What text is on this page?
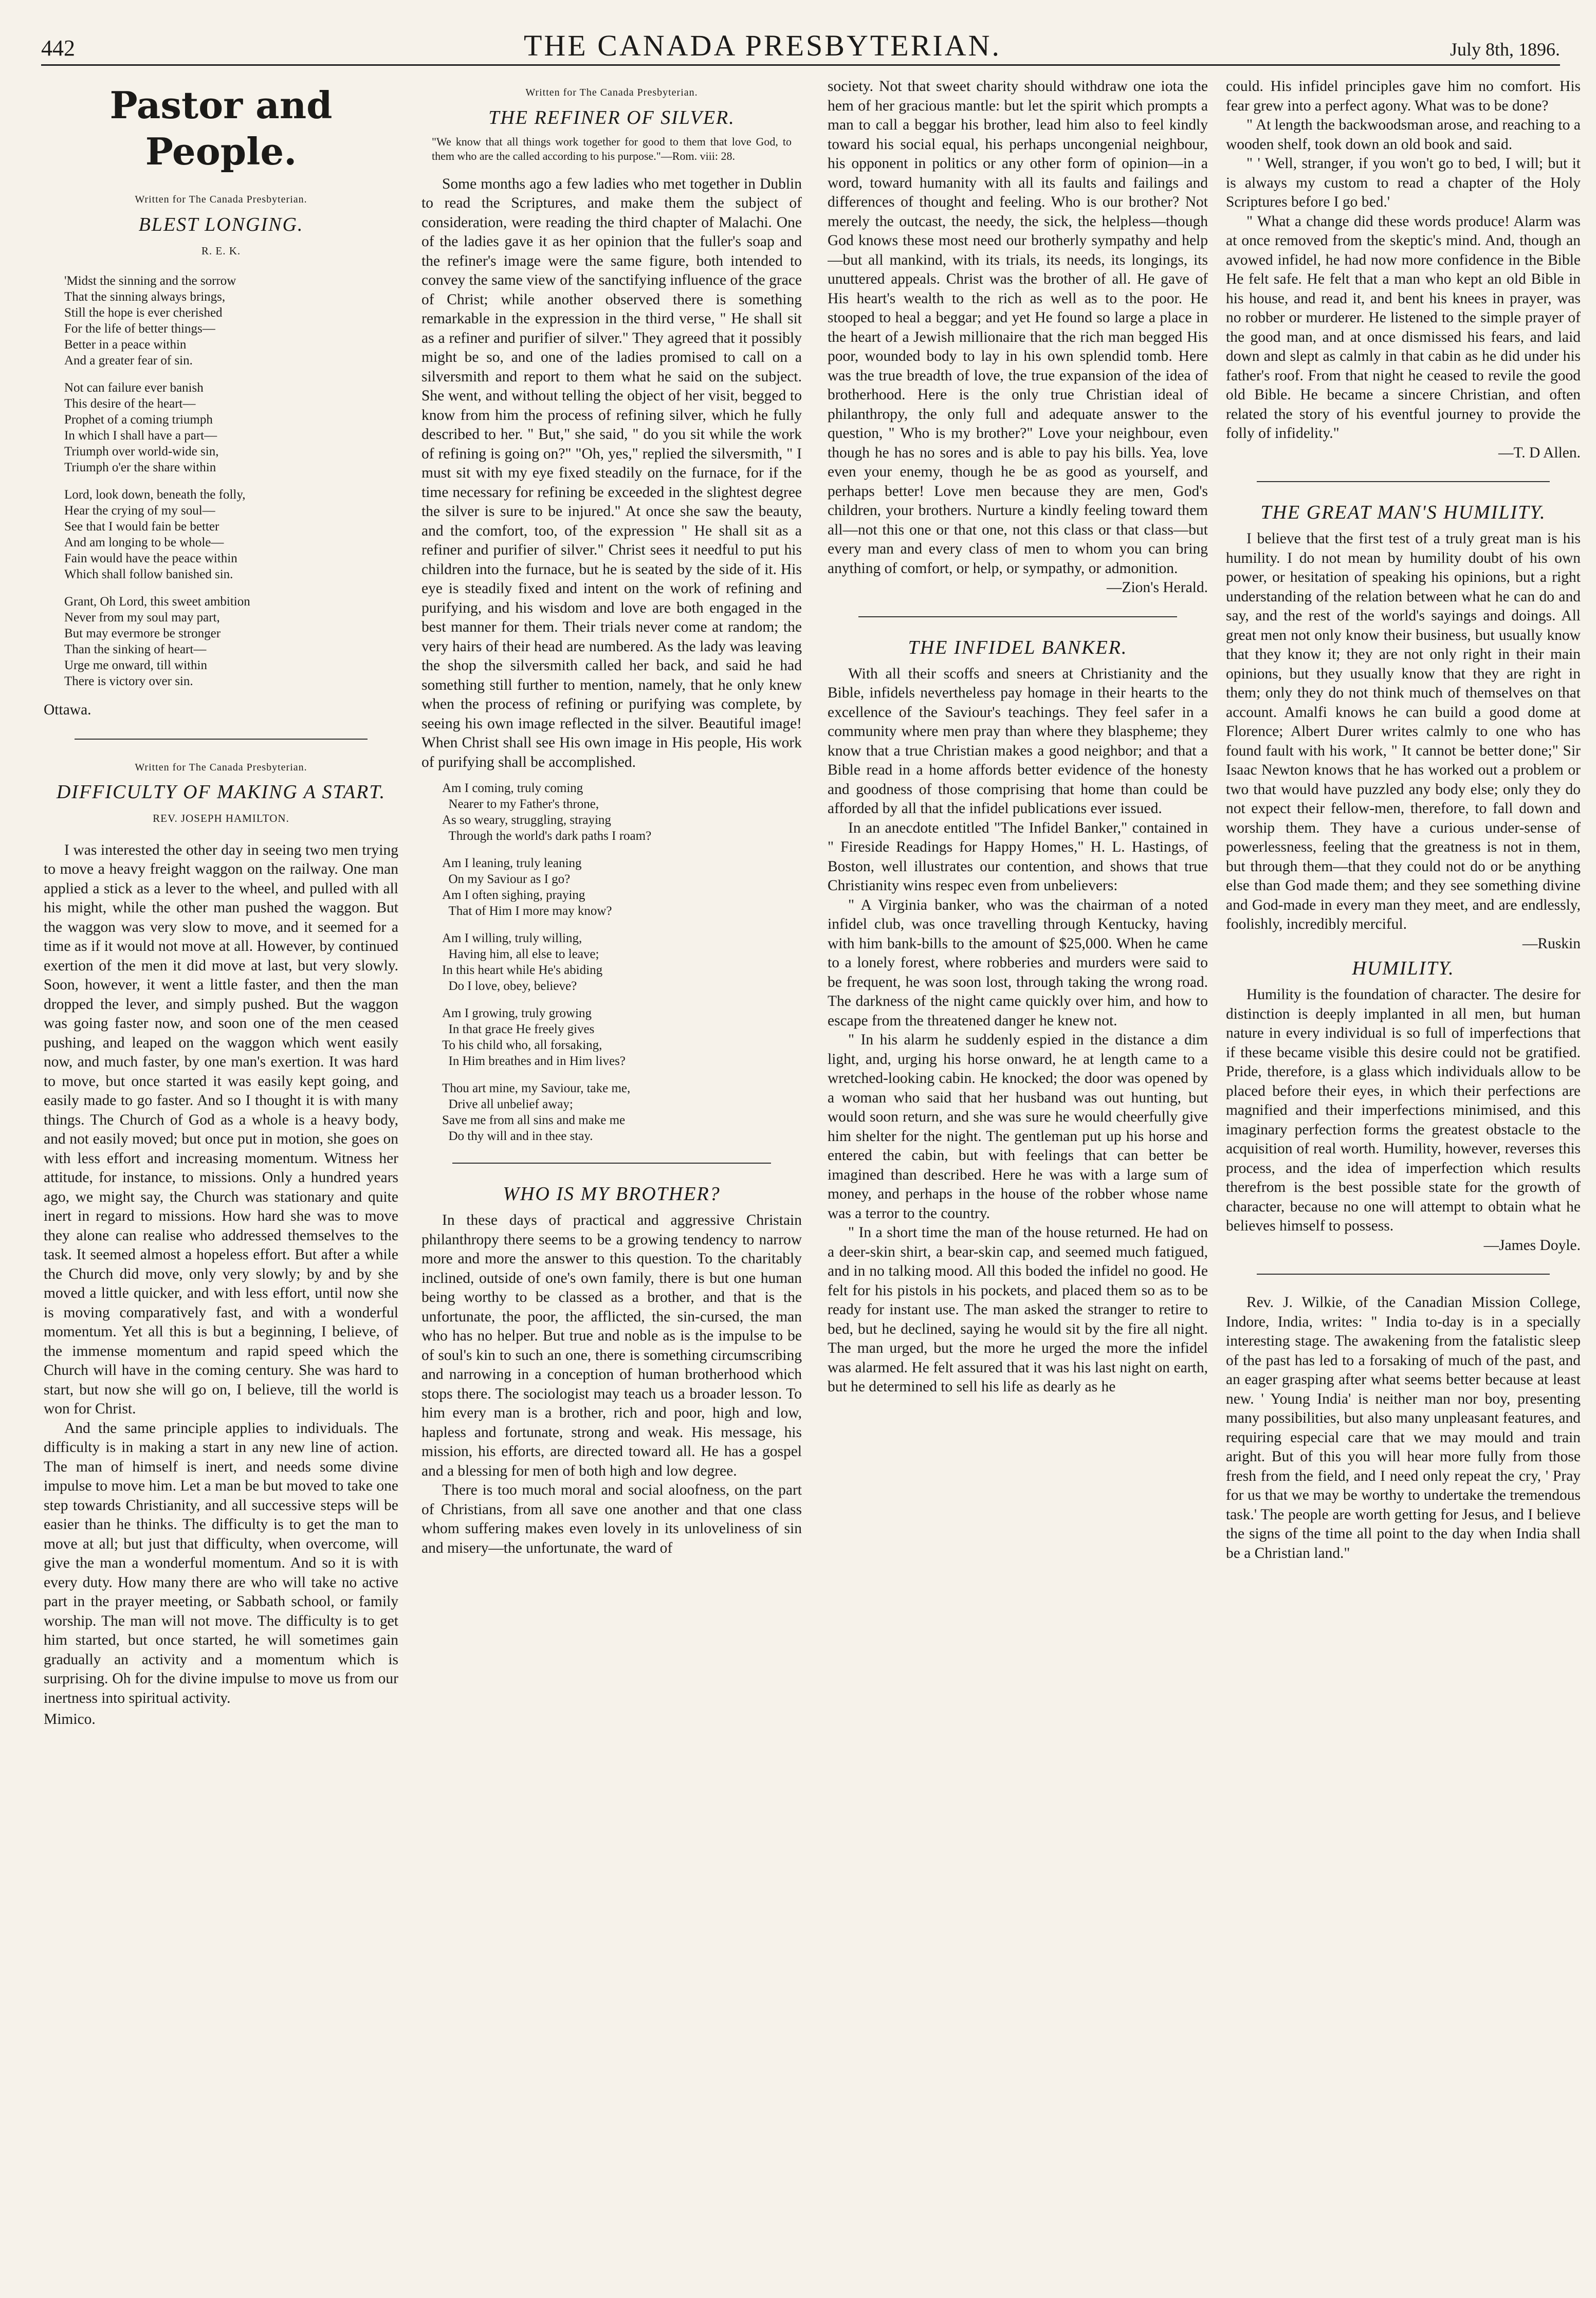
442	THE CANADA PRESBYTERIAN.	July 8th, 1896.
Pastor and People.
Written for The Canada Presbyterian.
BLEST LONGING.
R. E. K.

'Midst the sinning and the sorrow
That the sinning always brings,
Still the hope is ever cherished
For the life of better things—
Better in a peace within
And a greater fear of sin.

Not can failure ever banish
This desire of the heart—
Prophet of a coming triumph
In which I shall have a part—
Triumph over world-wide sin,
Triumph o'er the share within

Lord, look down, beneath the folly,
Hear the crying of my soul—
See that I would fain be better
And am longing to be whole—
Fain would have the peace within
Which shall follow banished sin.

Grant, Oh Lord, this sweet ambition
Never from my soul may part,
But may evermore be stronger
Than the sinking of heart—
Urge me onward, till within
There is victory over sin.

Ottawa.

Written for The Canada Presbyterian.
DIFFICULTY OF MAKING A START.
REV. JOSEPH HAMILTON.

I was interested the other day in seeing two men trying to move a heavy freight waggon on the railway. One man applied a stick as a lever to the wheel, and pulled with all his might, while the other man pushed the waggon. But the waggon was very slow to move, and it seemed for a time as if it would not move at all. However, by continued exertion of the men it did move at last, but very slowly. Soon, however, it went a little faster, and then the man dropped the lever, and simply pushed. But the waggon was going faster now, and soon one of the men ceased pushing, and leaped on the waggon which went easily now, and much faster, by one man's exertion. It was hard to move, but once started it was easily kept going, and easily made to go faster. And so I thought it is with many things. The Church of God as a whole is a heavy body, and not easily moved; but once put in motion, she goes on with less effort and increasing momentum. Witness her attitude, for instance, to missions. Only a hundred years ago, we might say, the Church was stationary and quite inert in regard to missions. How hard she was to move they alone can realise who addressed themselves to the task. It seemed almost a hopeless effort. But after a while the Church did move, only very slowly; by and by she moved a little quicker, and with less effort, until now she is moving comparatively fast, and with a wonderful momentum. Yet all this is but a beginning, I believe, of the immense momentum and rapid speed which the Church will have in the coming century. She was hard to start, but now she will go on, I believe, till the world is won for Christ.

And the same principle applies to individuals. The difficulty is in making a start in any new line of action. The man of himself is inert, and needs some divine impulse to move him. Let a man be but moved to take one step towards Christianity, and all successive steps will be easier than he thinks. The difficulty is to get the man to move at all; but just that difficulty, when overcome, will give the man a wonderful momentum. And so it is with every duty. How many there are who will take no active part in the prayer meeting, or Sabbath school, or family worship. The man will not move. The difficulty is to get him started, but once started, he will sometimes gain gradually an activity and a momentum which is surprising. Oh for the divine impulse to move us from our inertness into spiritual activity.

Mimico.

Written for The Canada Presbyterian.
THE REFINER OF SILVER.
"We know that all things work together for good to them that love God, to them who are the called according to his purpose."—Rom. viii: 28.

Some months ago a few ladies who met together in Dublin to read the Scriptures, and make them the subject of consideration, were reading the third chapter of Malachi. One of the ladies gave it as her opinion that the fuller's soap and the refiner's image were the same figure, both intended to convey the same view of the sanctifying influence of the grace of Christ; while another observed there is something remarkable in the expression in the third verse, " He shall sit as a refiner and purifier of silver." They agreed that it possibly might be so, and one of the ladies promised to call on a silversmith and report to them what he said on the subject. She went, and without telling the object of her visit, begged to know from him the process of refining silver, which he fully described to her. " But," she said, " do you sit while the work of refining is going on?" "Oh, yes," replied the silversmith, " I must sit with my eye fixed steadily on the furnace, for if the time necessary for refining be exceeded in the slightest degree the silver is sure to be injured." At once she saw the beauty, and the comfort, too, of the expression " He shall sit as a refiner and purifier of silver." Christ sees it needful to put his children into the furnace, but he is seated by the side of it. His eye is steadily fixed and intent on the work of refining and purifying, and his wisdom and love are both engaged in the best manner for them. Their trials never come at random; the very hairs of their head are numbered. As the lady was leaving the shop the silversmith called her back, and said he had something still further to mention, namely, that he only knew when the process of refining or purifying was complete, by seeing his own image reflected in the silver. Beautiful image! When Christ shall see His own image in His people, His work of purifying shall be accomplished.

Am I coming, truly coming
Nearer to my Father's throne,
As so weary, struggling, straying
Through the world's dark paths I roam?

Am I leaning, truly leaning
On my Saviour as I go?
Am I often sighing, praying
That of Him I more may know?

Am I willing, truly willing,
Having him, all else to leave;
In this heart while He's abiding
Do I love, obey, believe?

Am I growing, truly growing
In that grace He freely gives
To his child who, all forsaking,
In Him breathes and in Him lives?

Thou art mine, my Saviour, take me,
Drive all unbelief away;
Save me from all sins and make me
Do thy will and in thee stay.

WHO IS MY BROTHER?

In these days of practical and aggressive Christain philanthropy there seems to be a growing tendency to narrow more and more the answer to this question. To the charitably inclined, outside of one's own family, there is but one human being worthy to be classed as a brother, and that is the unfortunate, the poor, the afflicted, the sin-cursed, the man who has no helper. But true and noble as is the impulse to be of soul's kin to such an one, there is something circumscribing and narrowing in a conception of human brotherhood which stops there. The sociologist may teach us a broader lesson. To him every man is a brother, rich and poor, high and low, hapless and fortunate, strong and weak. His message, his mission, his efforts, are directed toward all. He has a gospel and a blessing for men of both high and low degree.

There is too much moral and social aloofness, on the part of Christians, from all save one another and that one class whom suffering makes even lovely in its unloveliness of sin and misery—the unfortunate, the ward of

society. Not that sweet charity should withdraw one iota the hem of her gracious mantle: but let the spirit which prompts a man to call a beggar his brother, lead him also to feel kindly toward his social equal, his perhaps uncongenial neighbour, his opponent in politics or any other form of opinion—in a word, toward humanity with all its faults and failings and differences of thought and feeling. Who is our brother? Not merely the outcast, the needy, the sick, the helpless—though God knows these most need our brotherly sympathy and help—but all mankind, with its trials, its needs, its longings, its unuttered appeals. Christ was the brother of all. He gave of His heart's wealth to the rich as well as to the poor. He stooped to heal a beggar; and yet He found so large a place in the heart of a Jewish millionaire that the rich man begged His poor, wounded body to lay in his own splendid tomb. Here was the true breadth of love, the true expansion of the idea of brotherhood. Here is the only true Christian ideal of philanthropy, the only full and adequate answer to the question, " Who is my brother?" Love your neighbour, even though he has no sores and is able to pay his bills. Yea, love even your enemy, though he be as good as yourself, and perhaps better! Love men because they are men, God's children, your brothers. Nurture a kindly feeling toward them all—not this one or that one, not this class or that class—but every man and every class of men to whom you can bring anything of comfort, or help, or sympathy, or admonition.

—Zion's Herald.

THE INFIDEL BANKER.

With all their scoffs and sneers at Christianity and the Bible, infidels nevertheless pay homage in their hearts to the excellence of the Saviour's teachings. They feel safer in a community where men pray than where they blaspheme; they know that a true Christian makes a good neighbor; and that a Bible read in a home affords better evidence of the honesty and goodness of those comprising that home than could be afforded by all that the infidel publications ever issued.

In an anecdote entitled "The Infidel Banker," contained in " Fireside Readings for Happy Homes," H. L. Hastings, of Boston, well illustrates our contention, and shows that true Christianity wins respec even from unbelievers:

" A Virginia banker, who was the chairman of a noted infidel club, was once travelling through Kentucky, having with him bank-bills to the amount of $25,000. When he came to a lonely forest, where robberies and murders were said to be frequent, he was soon lost, through taking the wrong road. The darkness of the night came quickly over him, and how to escape from the threatened danger he knew not.

" In his alarm he suddenly espied in the distance a dim light, and, urging his horse onward, he at length came to a wretched-looking cabin. He knocked; the door was opened by a woman who said that her husband was out hunting, but would soon return, and she was sure he would cheerfully give him shelter for the night. The gentleman put up his horse and entered the cabin, but with feelings that can better be imagined than described. Here he was with a large sum of money, and perhaps in the house of the robber whose name was a terror to the country.

" In a short time the man of the house returned. He had on a deer-skin shirt, a bear-skin cap, and seemed much fatigued, and in no talking mood. All this boded the infidel no good. He felt for his pistols in his pockets, and placed them so as to be ready for instant use. The man asked the stranger to retire to bed, but he declined, saying he would sit by the fire all night. The man urged, but the more he urged the more the infidel was alarmed. He felt assured that it was his last night on earth, but he determined to sell his life as dearly as he

could. His infidel principles gave him no comfort. His fear grew into a perfect agony. What was to be done?

" At length the backwoodsman arose, and reaching to a wooden shelf, took down an old book and said.

" ' Well, stranger, if you won't go to bed, I will; but it is always my custom to read a chapter of the Holy Scriptures before I go bed.'

" What a change did these words produce! Alarm was at once removed from the skeptic's mind. And, though an avowed infidel, he had now more confidence in the Bible He felt safe. He felt that a man who kept an old Bible in his house, and read it, and bent his knees in prayer, was no robber or murderer. He listened to the simple prayer of the good man, and at once dismissed his fears, and laid down and slept as calmly in that cabin as he did under his father's roof. From that night he ceased to revile the good old Bible. He became a sincere Christian, and often related the story of his eventful journey to provide the folly of infidelity."

—T. D Allen.

THE GREAT MAN'S HUMILITY.

I believe that the first test of a truly great man is his humility. I do not mean by humility doubt of his own power, or hesitation of speaking his opinions, but a right understanding of the relation between what he can do and say, and the rest of the world's sayings and doings. All great men not only know their business, but usually know that they know it; they are not only right in their main opinions, but they usually know that they are right in them; only they do not think much of themselves on that account. Amalfi knows he can build a good dome at Florence; Albert Durer writes calmly to one who has found fault with his work, " It cannot be better done;" Sir Isaac Newton knows that he has worked out a problem or two that would have puzzled any body else; only they do not expect their fellow-men, therefore, to fall down and worship them. They have a curious under-sense of powerlessness, feeling that the greatness is not in them, but through them—that they could not do or be anything else than God made them; and they see something divine and God-made in every man they meet, and are endlessly, foolishly, incredibly merciful.

—Ruskin

HUMILITY.

Humility is the foundation of character. The desire for distinction is deeply implanted in all men, but human nature in every individual is so full of imperfections that if these became visible this desire could not be gratified. Pride, therefore, is a glass which individuals allow to be placed before their eyes, in which their perfections are magnified and their imperfections minimised, and this imaginary perfection forms the greatest obstacle to the acquisition of real worth. Humility, however, reverses this process, and the idea of imperfection which results therefrom is the best possible state for the growth of character, because no one will attempt to obtain what he believes himself to possess.

—James Doyle.

Rev. J. Wilkie, of the Canadian Mission College, Indore, India, writes: " India to-day is in a specially interesting stage. The awakening from the fatalistic sleep of the past has led to a forsaking of much of the past, and an eager grasping after what seems better because at least new. ' Young India' is neither man nor boy, presenting many possibilities, but also many unpleasant features, and requiring especial care that we may mould and train aright. But of this you will hear more fully from those fresh from the field, and I need only repeat the cry, ' Pray for us that we may be worthy to undertake the tremendous task.' The people are worth getting for Jesus, and I believe the signs of the time all point to the day when India shall be a Christian land."
